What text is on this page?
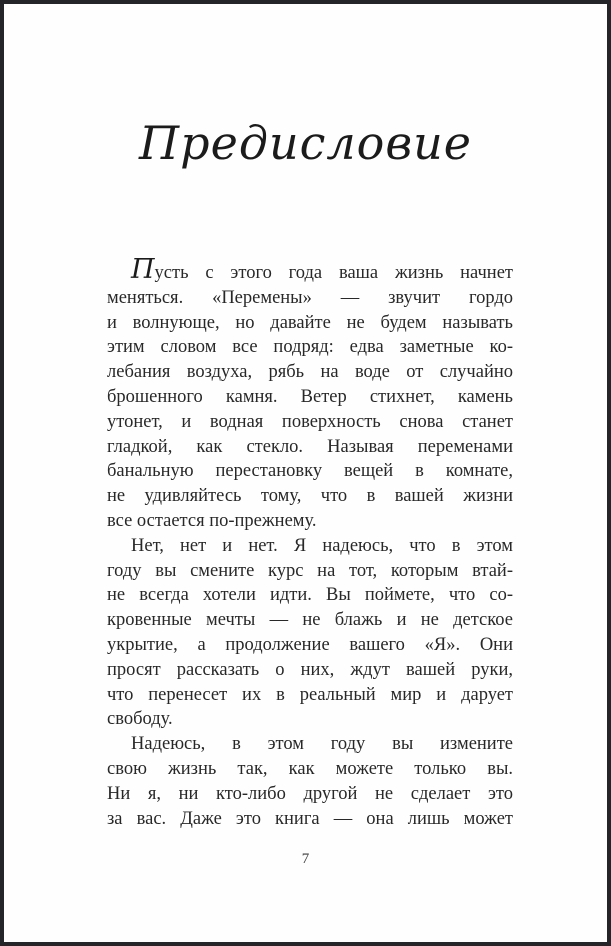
Предисловие
Пусть с этого года ваша жизнь начнет
меняться. «Перемены» — звучит гордо
и волнующе, но давайте не будем называть
этим словом все подряд: едва заметные ко-
лебания воздуха, рябь на воде от случайно
брошенного камня. Ветер стихнет, камень
утонет, и водная поверхность снова станет
гладкой, как стекло. Называя переменами
банальную перестановку вещей в комнате,
не удивляйтесь тому, что в вашей жизни
все остается по-прежнему.
Нет, нет и нет. Я надеюсь, что в этом
году вы смените курс на тот, которым втай-
не всегда хотели идти. Вы поймете, что со-
кровенные мечты — не блажь и не детское
укрытие, а продолжение вашего «Я». Они
просят рассказать о них, ждут вашей руки,
что перенесет их в реальный мир и дарует
свободу.
Надеюсь, в этом году вы измените
свою жизнь так, как можете только вы.
Ни я, ни кто-либо другой не сделает это
за вас. Даже это книга — она лишь может
7
